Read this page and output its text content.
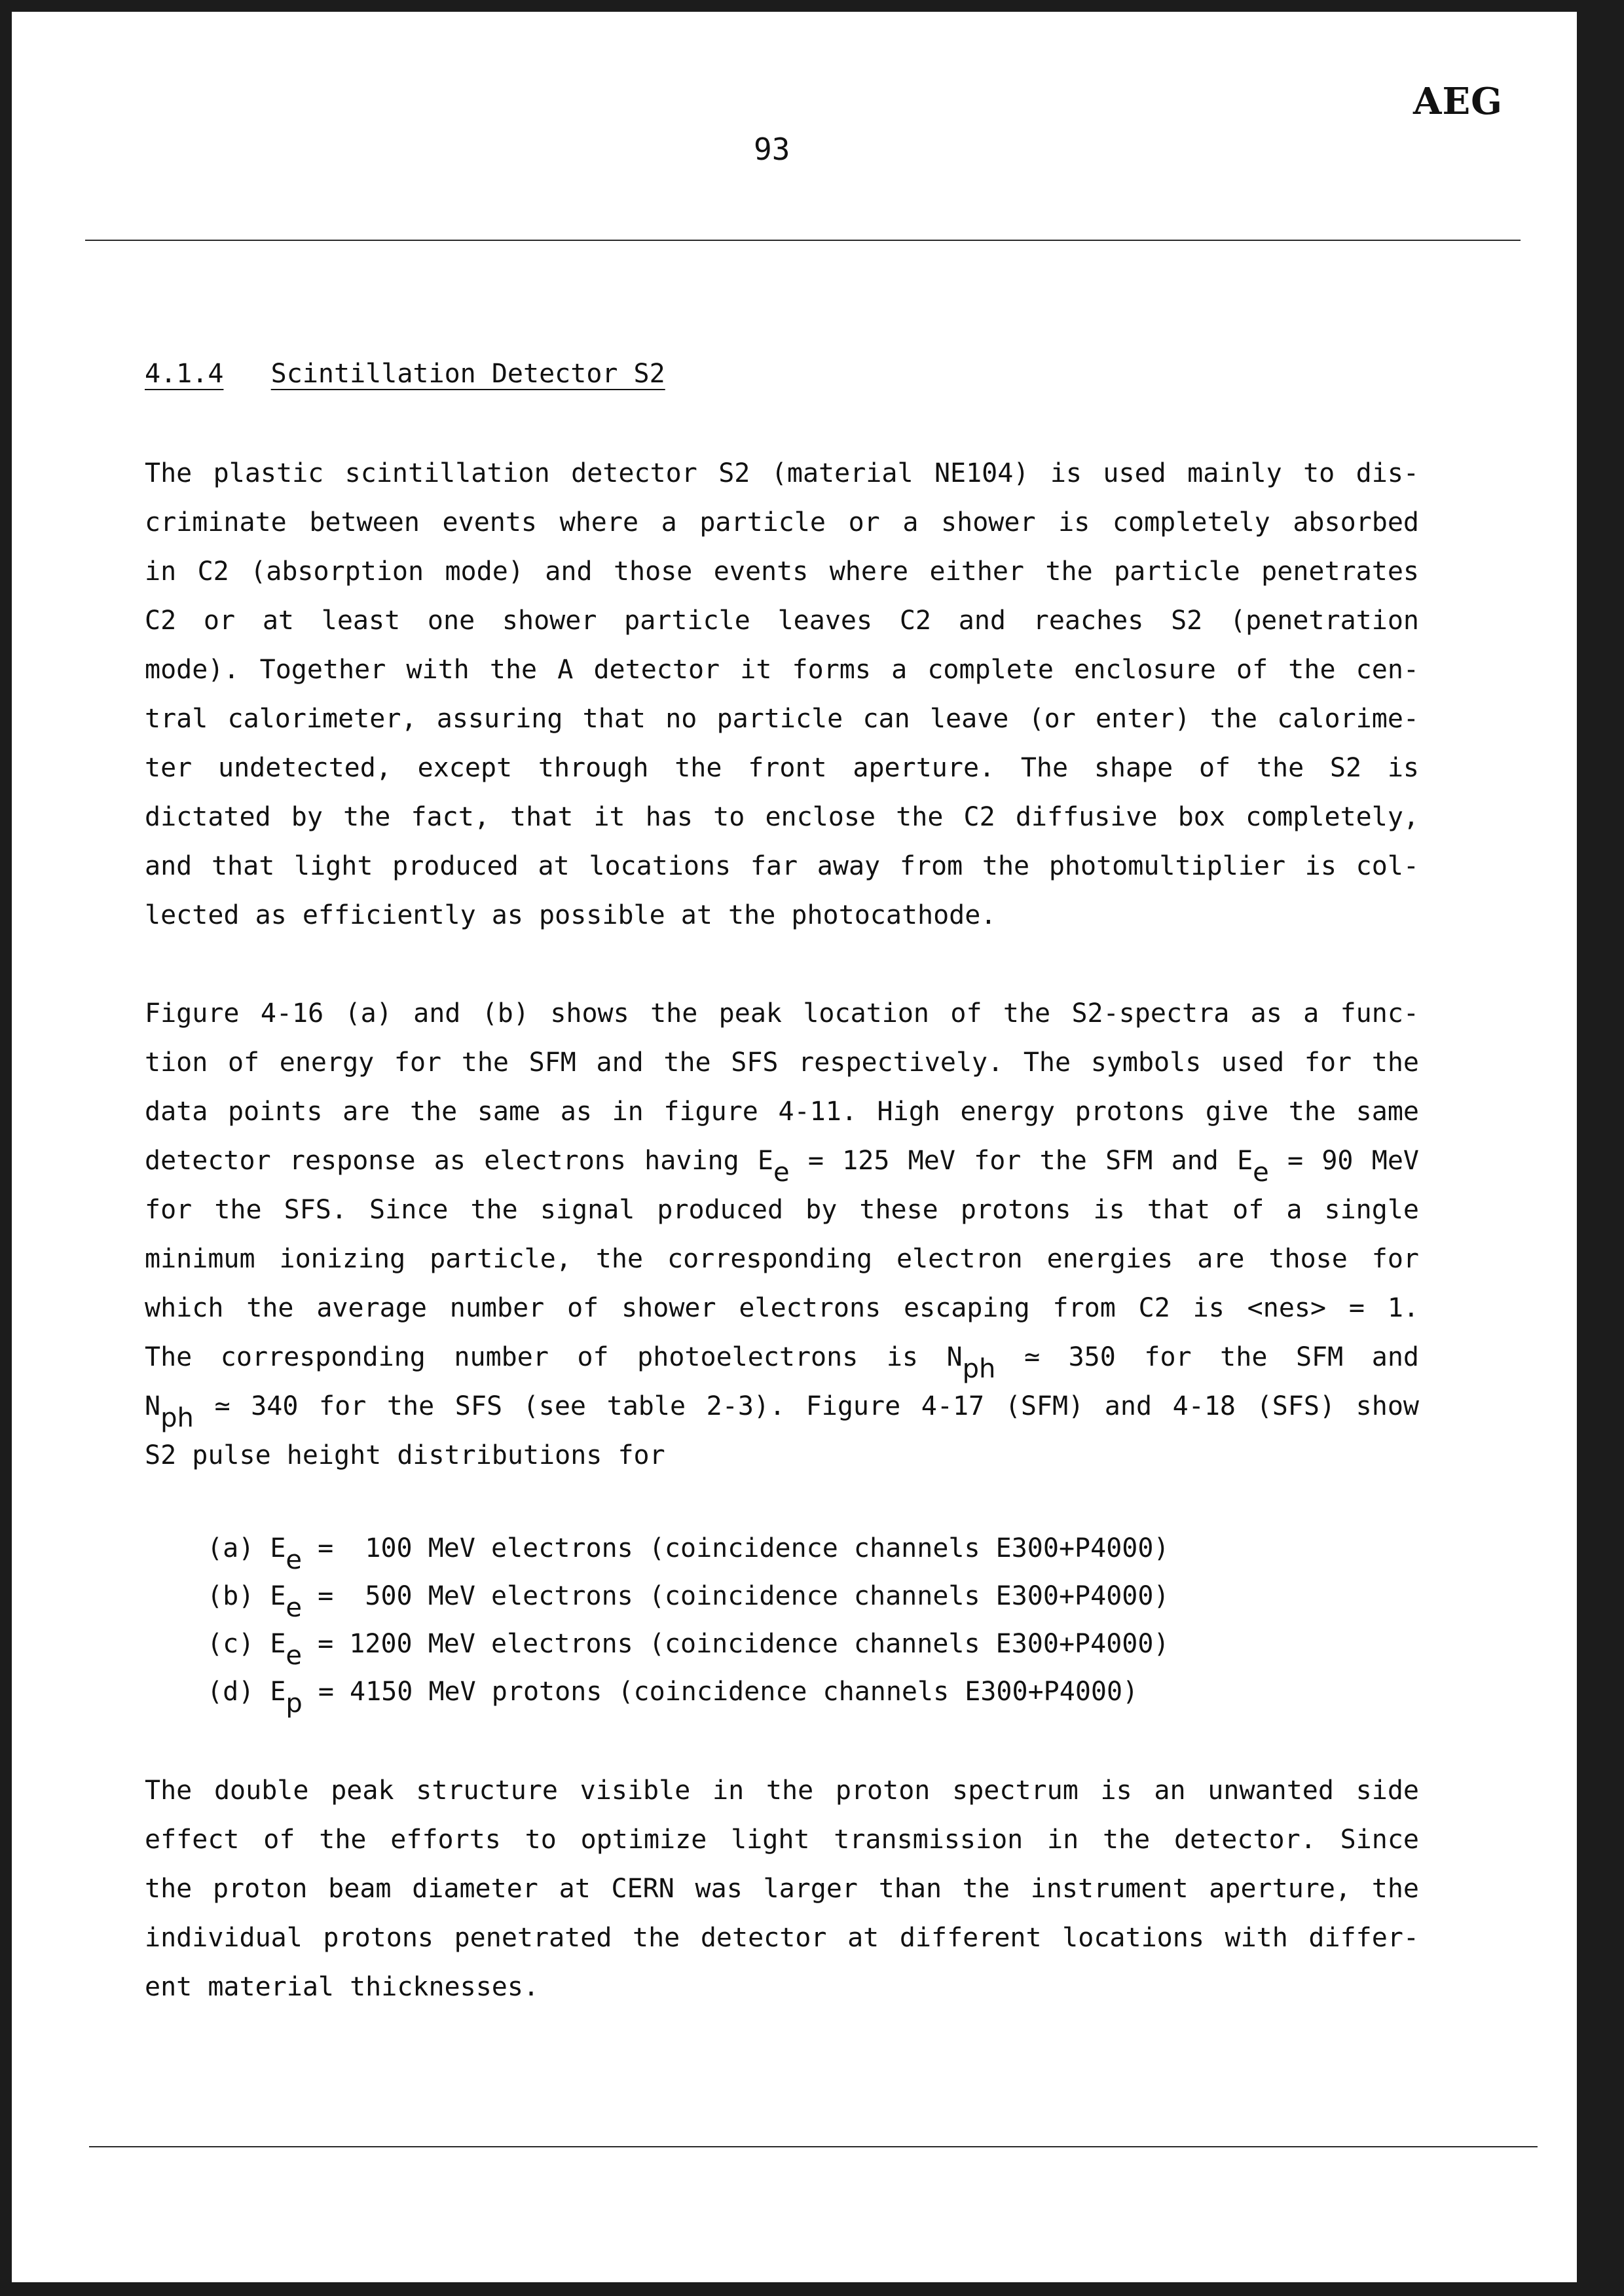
AEG
93
4.1.4 Scintillation Detector S2
The plastic scintillation detector S2 (material NE104) is used mainly to dis-
criminate between events where a particle or a shower is completely absorbed
in C2 (absorption mode) and those events where either the particle penetrates
C2 or at least one shower particle leaves C2 and reaches S2 (penetration
mode). Together with the A detector it forms a complete enclosure of the cen-
tral calorimeter, assuring that no particle can leave (or enter) the calorime-
ter undetected, except through the front aperture. The shape of the S2 is
dictated by the fact, that it has to enclose the C2 diffusive box completely,
and that light produced at locations far away from the photomultiplier is col-
lected as efficiently as possible at the photocathode.
Figure 4-16 (a) and (b) shows the peak location of the S2-spectra as a func-
tion of energy for the SFM and the SFS respectively. The symbols used for the
data points are the same as in figure 4-11. High energy protons give the same
detector response as electrons having $E_e = 125$ MeV for the SFM and $E_e = 90$ MeV
for the SFS. Since the signal produced by these protons is that of a single
minimum ionizing particle, the corresponding electron energies are those for
which the average number of shower electrons escaping from C2 is <nes> = 1.
The corresponding number of photoelectrons is $N_{ph}$ ≃ 350 for the SFM and
$N_{ph}$ ≃ 340 for the SFS (see table 2-3). Figure 4-17 (SFM) and 4-18 (SFS) show
S2 pulse height distributions for
(a) $E_e = 100$ MeV electrons (coincidence channels E300+P4000)
(b) $E_e = 500$ MeV electrons (coincidence channels E300+P4000)
(c) $E_e = 1200$ MeV electrons (coincidence channels E300+P4000)
(d) $E_p = 4150$ MeV protons (coincidence channels E300+P4000)
The double peak structure visible in the proton spectrum is an unwanted side
effect of the efforts to optimize light transmission in the detector. Since
the proton beam diameter at CERN was larger than the instrument aperture, the
individual protons penetrated the detector at different locations with differ-
ent material thicknesses.
